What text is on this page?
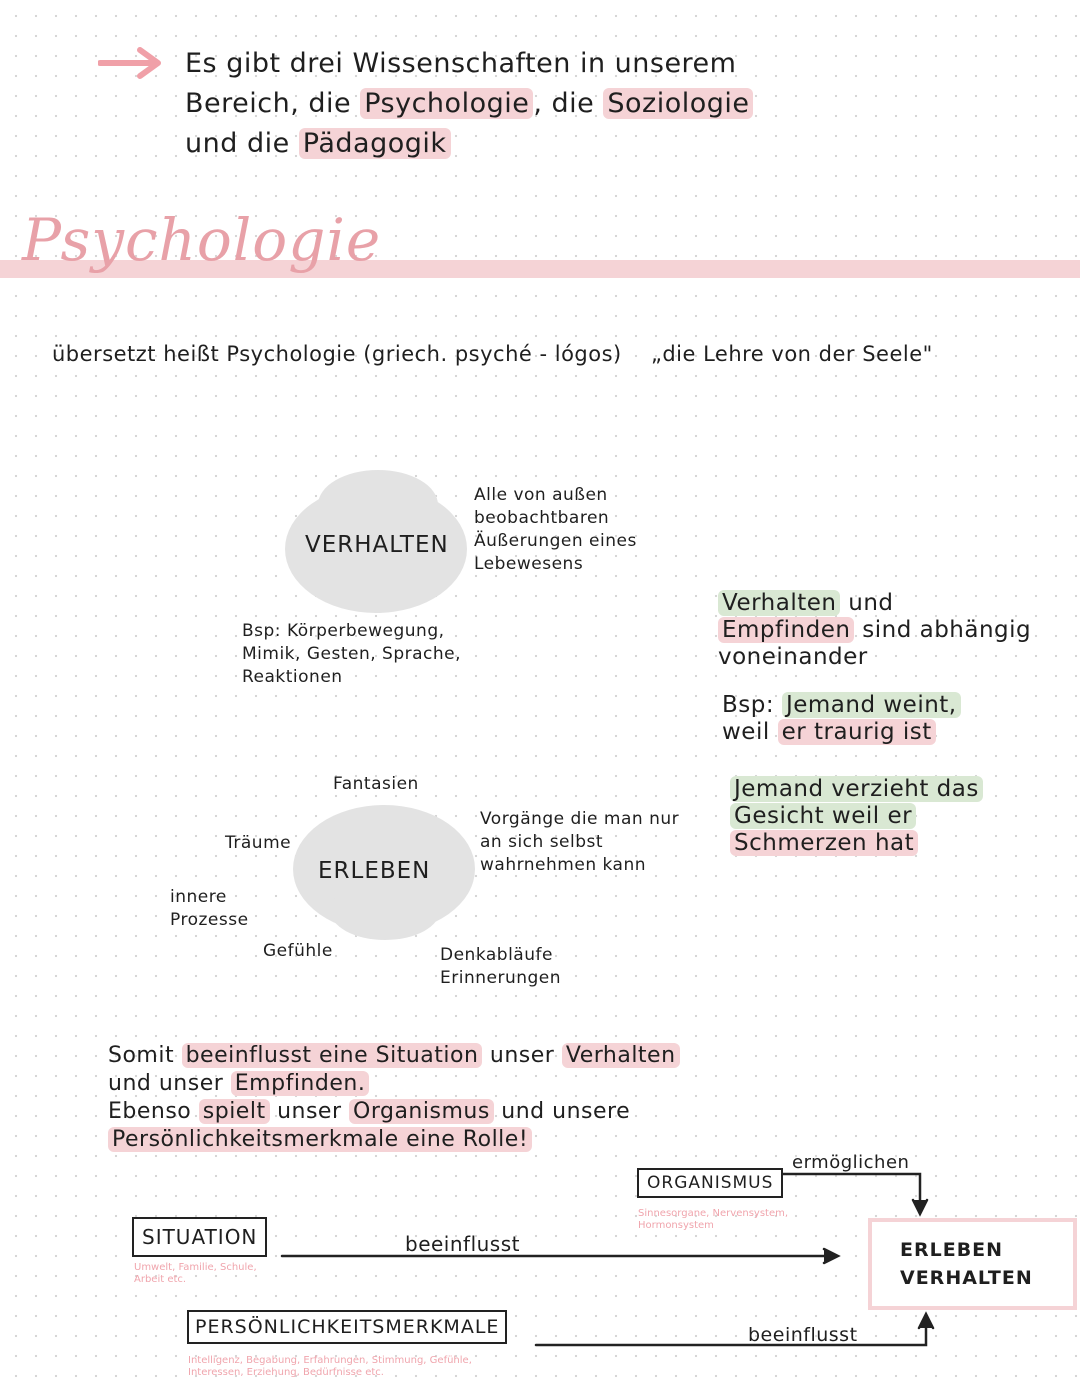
Es gibt drei Wissenschaften in unserem
Bereich, die Psychologie , die Soziologie
und die Pädagogik
Psychologie
übersetzt heißt Psychologie (griech. psyché - lógos) „die Lehre von der Seele"
VERHALTEN
Alle von außen beobachtbaren Äußerungen eines Lebewesens
Bsp: Körperbewegung, Mimik, Gesten, Sprache, Reaktionen
ERLEBEN
Vorgänge die man nur an sich selbst wahrnehmen kann
Fantasien
Träume
innere Prozesse
Gefühle	Denkabläufe Erinnerungen
Verhalten und
Empfinden sind abhängig voneinander
Bsp: Jemand weint,
weil er traurig ist
Jemand verzieht das
Gesicht weil er
Schmerzen hat
Somit beeinflusst eine Situation unser Verhalten
und unser Empfinden.
Ebenso spielt unser Organismus und unsere
Persönlichkeitsmerkmale eine Rolle!
ORGANISMUS
Sinnesorgane, Nervensystem, Hormonsystem
ermöglichen
SITUATION
Umwelt, Familie, Schule, Arbeit etc.
beeinflusst
PERSÖNLICHKEITSMERKMALE
Intelligenz, Begabung, Erfahrungen, Stimmung, Gefühle, Interessen, Erziehung, Bedürfnisse etc.
beeinflusst
ERLEBEN
VERHALTEN
